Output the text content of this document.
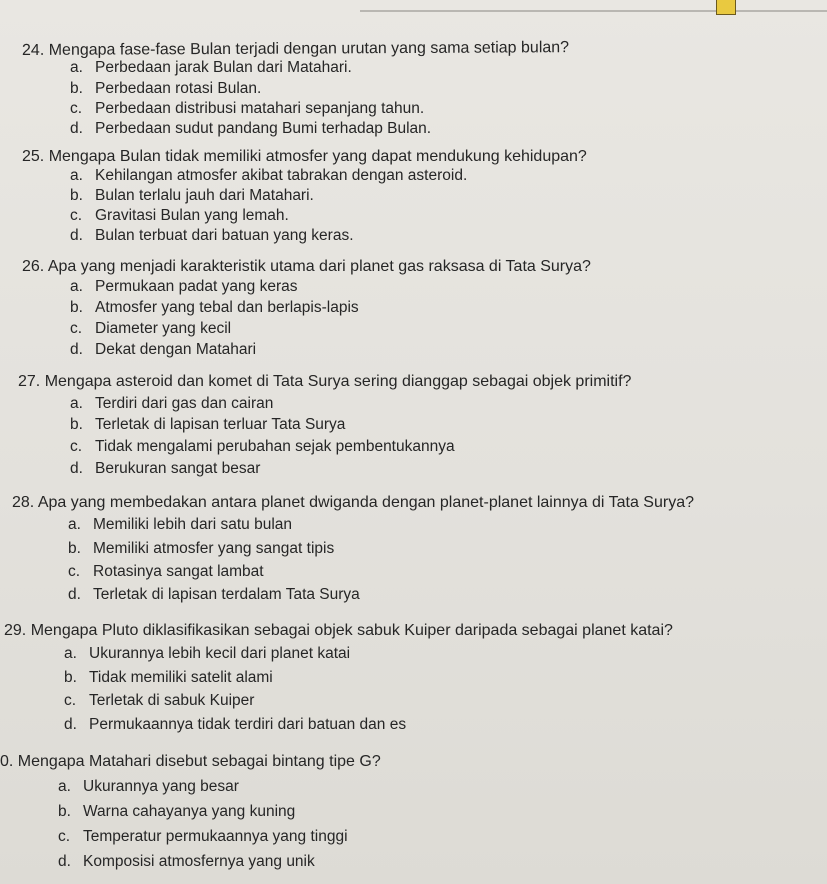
24. Mengapa fase-fase Bulan terjadi dengan urutan yang sama setiap bulan?
a. Perbedaan jarak Bulan dari Matahari.
b. Perbedaan rotasi Bulan.
c. Perbedaan distribusi matahari sepanjang tahun.
d. Perbedaan sudut pandang Bumi terhadap Bulan.
25. Mengapa Bulan tidak memiliki atmosfer yang dapat mendukung kehidupan?
a. Kehilangan atmosfer akibat tabrakan dengan asteroid.
b. Bulan terlalu jauh dari Matahari.
c. Gravitasi Bulan yang lemah.
d. Bulan terbuat dari batuan yang keras.
26. Apa yang menjadi karakteristik utama dari planet gas raksasa di Tata Surya?
a. Permukaan padat yang keras
b. Atmosfer yang tebal dan berlapis-lapis
c. Diameter yang kecil
d. Dekat dengan Matahari
27. Mengapa asteroid dan komet di Tata Surya sering dianggap sebagai objek primitif?
a. Terdiri dari gas dan cairan
b. Terletak di lapisan terluar Tata Surya
c. Tidak mengalami perubahan sejak pembentukannya
d. Berukuran sangat besar
28. Apa yang membedakan antara planet dwiganda dengan planet-planet lainnya di Tata Surya?
a. Memiliki lebih dari satu bulan
b. Memiliki atmosfer yang sangat tipis
c. Rotasinya sangat lambat
d. Terletak di lapisan terdalam Tata Surya
29. Mengapa Pluto diklasifikasikan sebagai objek sabuk Kuiper daripada sebagai planet katai?
a. Ukurannya lebih kecil dari planet katai
b. Tidak memiliki satelit alami
c. Terletak di sabuk Kuiper
d. Permukaannya tidak terdiri dari batuan dan es
0. Mengapa Matahari disebut sebagai bintang tipe G?
a. Ukurannya yang besar
b. Warna cahayanya yang kuning
c. Temperatur permukaannya yang tinggi
d. Komposisi atmosfernya yang unik
